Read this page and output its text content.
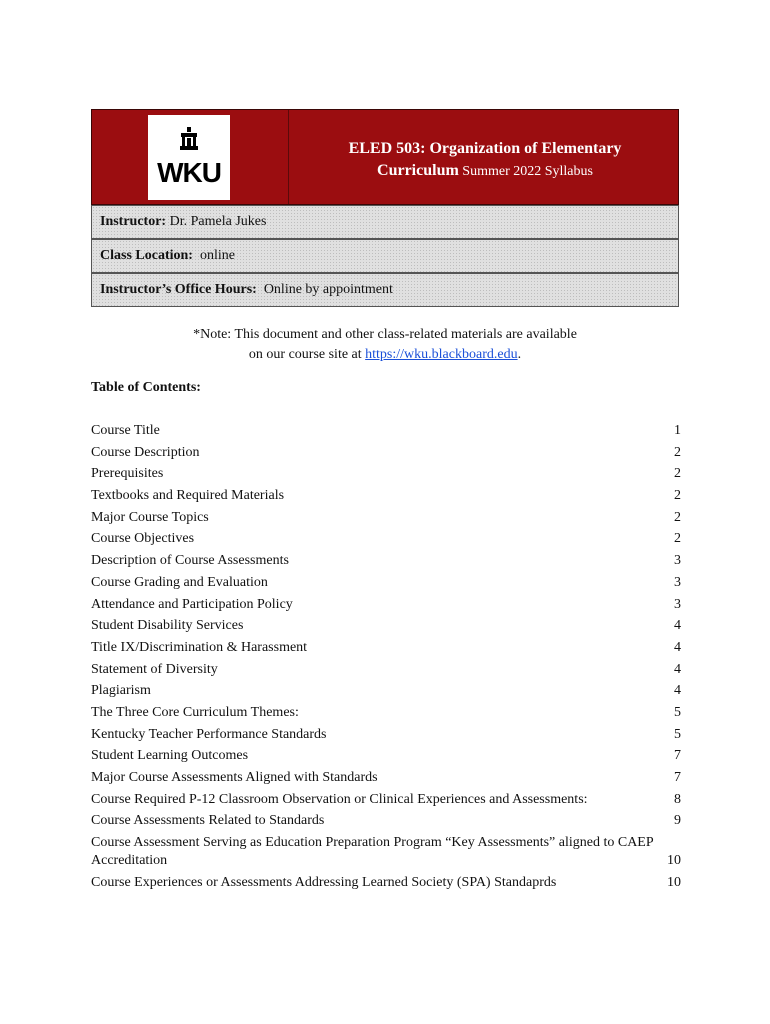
WKU
ELED 503: Organization of Elementary
Curriculum Summer 2022 Syllabus
Instructor: Dr. Pamela Jukes
Class Location:  online
Instructor’s Office Hours:  Online by appointment
*Note: This document and other class-related materials are available
on our course site at https://wku.blackboard.edu.
Table of Contents:
Course Title	1
Course Description	2
Prerequisites	2
Textbooks and Required Materials	2
Major Course Topics	2
Course Objectives	2
Description of Course Assessments	3
Course Grading and Evaluation	3
Attendance and Participation Policy	3
Student Disability Services	4
Title IX/Discrimination & Harassment	4
Statement of Diversity	4
Plagiarism	4
The Three Core Curriculum Themes:	5
Kentucky Teacher Performance Standards	5
Student Learning Outcomes	7
Major Course Assessments Aligned with Standards	7
Course Required P-12 Classroom Observation or Clinical Experiences and Assessments:	8
Course Assessments Related to Standards	9
Course Assessment Serving as Education Preparation Program “Key Assessments” aligned to CAEP Accreditation	10
Course Experiences or Assessments Addressing Learned Society (SPA) Standaprds	10
